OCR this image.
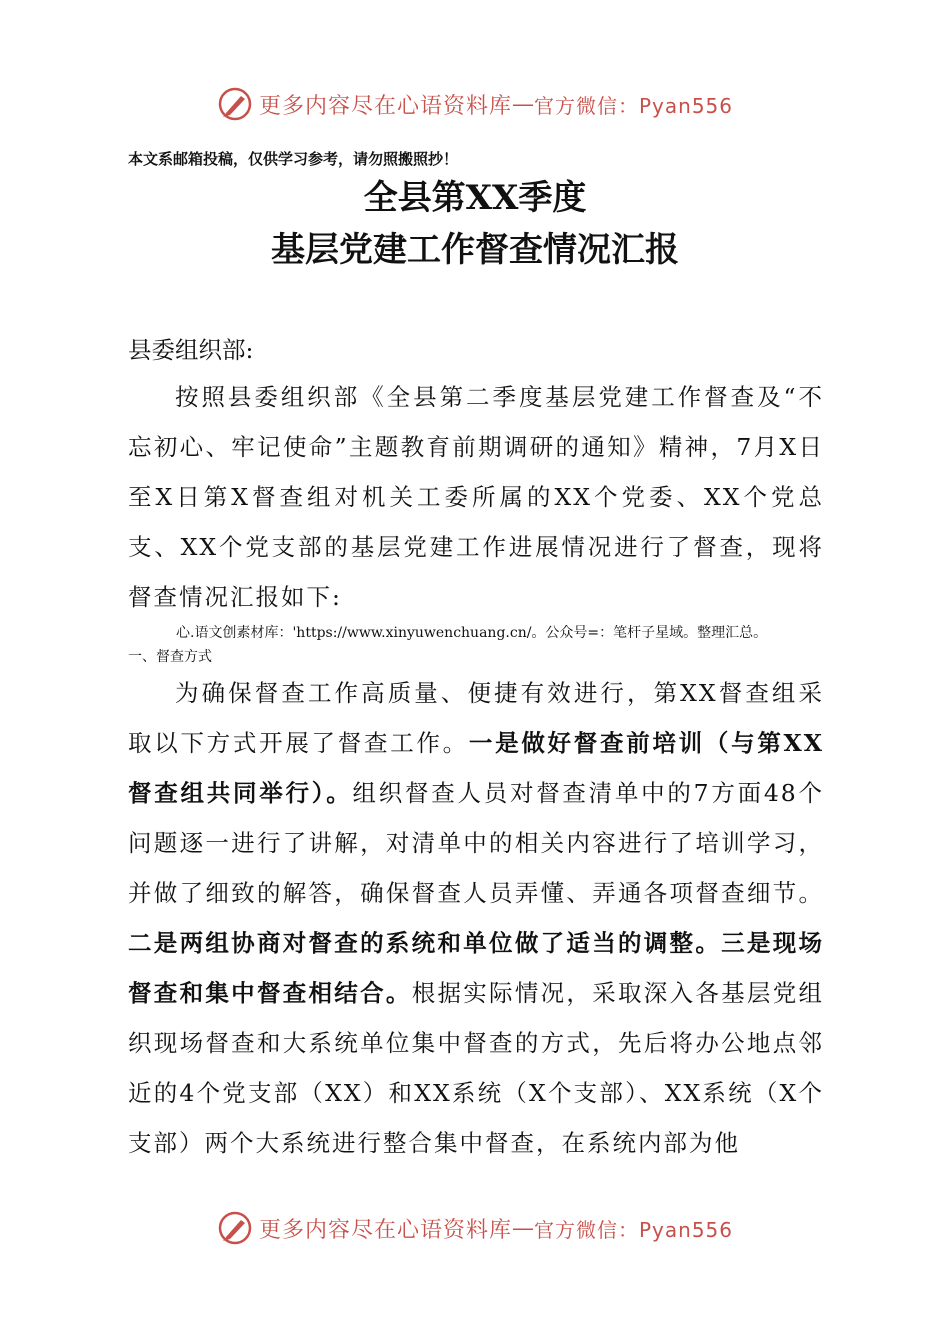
更多内容尽在心语资料库 — 官方微信：Pyan556
本文系邮箱投稿，仅供学习参考，请勿照搬照抄！
全县第XX季度
基层党建工作督查情况汇报
县委组织部:
按照县委组织部《全县第二季度基层党建工作督查及“不忘初心、牢记使命”主题教育前期调研的通知》精神，7月X日至X日第X督查组对机关工委所属的XX个党委、XX个党总支、XX个党支部的基层党建工作进展情况进行了督查，现将督查情况汇报如下:
心.语文创素材库：'https://www.xinyuwenchuang.cn/。公众号=：笔杆子星域。整理汇总。
一、督查方式
为确保督查工作高质量、便捷有效进行，第XX督查组采取以下方式开展了督查工作。一是做好督查前培训（与第XX督查组共同举行）。组织督查人员对督查清单中的7方面48个问题逐一进行了讲解，对清单中的相关内容进行了培训学习，并做了细致的解答，确保督查人员弄懂、弄通各项督查细节。二是两组协商对督查的系统和单位做了适当的调整。三是现场督查和集中督查相结合。根据实际情况，采取深入各基层党组织现场督查和大系统单位集中督查的方式，先后将办公地点邻近的4个党支部（XX）和XX系统（X个支部）、XX系统（X个支部）两个大系统进行整合集中督查，在系统内部为他
更多内容尽在心语资料库 — 官方微信：Pyan556
